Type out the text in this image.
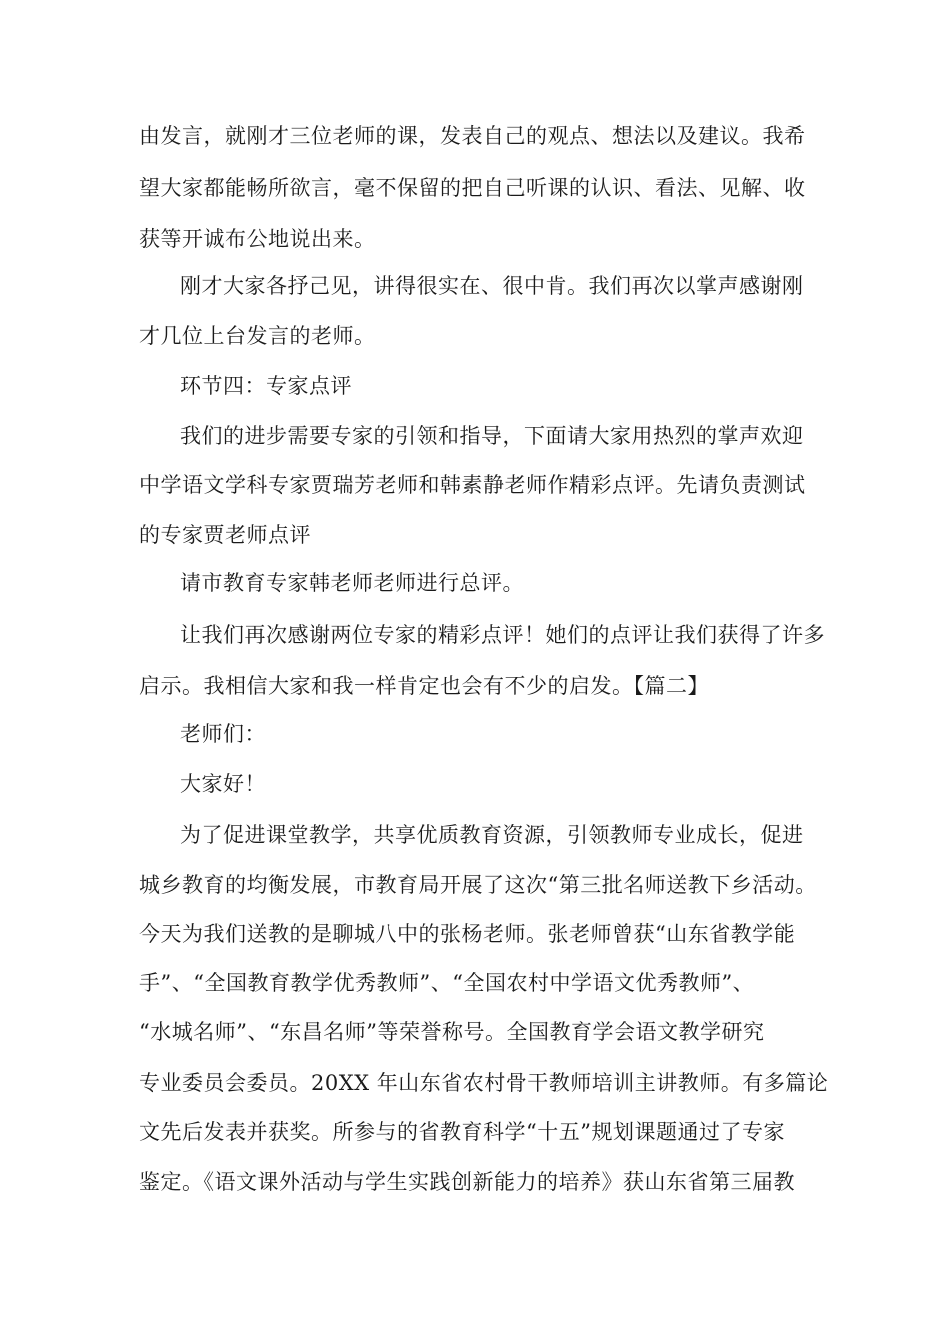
由发言，就刚才三位老师的课，发表自己的观点、想法以及建议。我希
望大家都能畅所欲言，毫不保留的把自己听课的认识、看法、见解、收
获等开诚布公地说出来。
刚才大家各抒己见，讲得很实在、很中肯。我们再次以掌声感谢刚
才几位上台发言的老师。
环节四：专家点评
我们的进步需要专家的引领和指导，下面请大家用热烈的掌声欢迎
中学语文学科专家贾瑞芳老师和韩素静老师作精彩点评。先请负责测试
的专家贾老师点评
请市教育专家韩老师老师进行总评。
让我们再次感谢两位专家的精彩点评！她们的点评让我们获得了许多
启示。我相信大家和我一样肯定也会有不少的启发。【篇二】
老师们：
大家好！
为了促进课堂教学，共享优质教育资源，引领教师专业成长，促进
城乡教育的均衡发展，市教育局开展了这次“第三批名师送教下乡活动。
今天为我们送教的是聊城八中的张杨老师。张老师曾获“山东省教学能
手”、“全国教育教学优秀教师”、“全国农村中学语文优秀教师”、
“水城名师”、“东昌名师”等荣誉称号。全国教育学会语文教学研究
专业委员会委员。20XX 年山东省农村骨干教师培训主讲教师。有多篇论
文先后发表并获奖。所参与的省教育科学“十五”规划课题通过了专家
鉴定。《语文课外活动与学生实践创新能力的培养》获山东省第三届教
